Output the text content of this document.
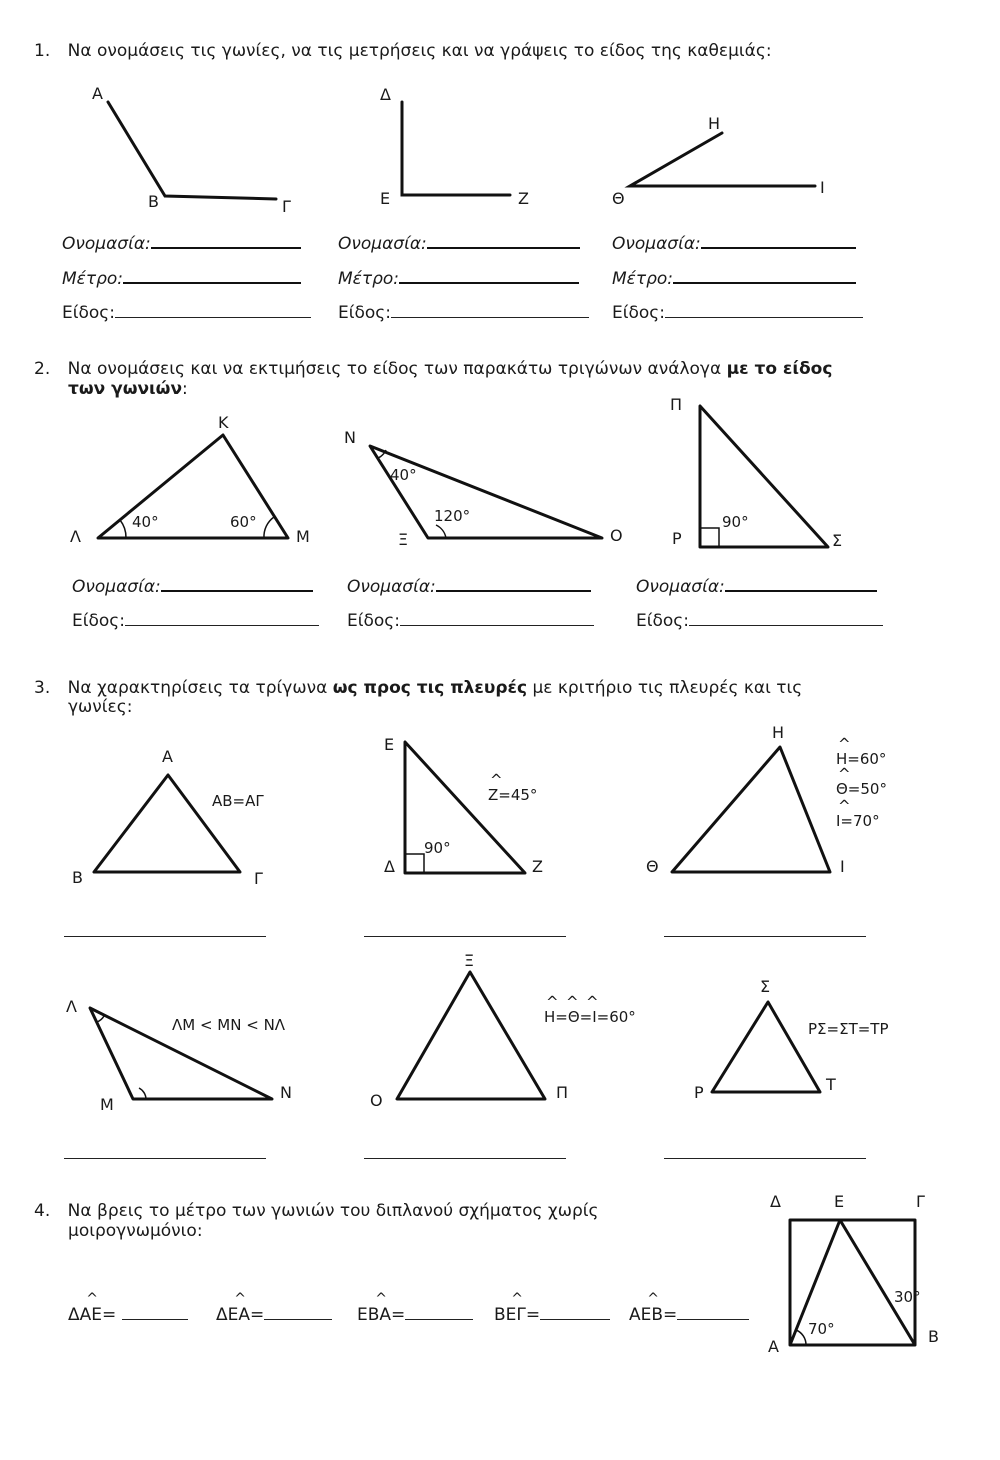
1. Να ονομάσεις τις γωνίες, να τις μετρήσεις και να γράψεις το είδος της καθεμιάς:
Α
Β	Γ
Δ
Ε	Ζ
Η
Θ
Ι
Κ
Λ	Μ
Ν
Ξ	Ο
Π
Ρ	Σ
40°	60°
40°
120°	90°
Α
Β	Γ
Ε
Δ	Ζ
Η
Θ	Ι
Λ
Μ
Ν
Ξ
Ο	Π
Σ
Ρ	Τ
ΑΒ=ΑΓ
90°
Ζ=45°
Η=60°
Θ=50°
Ι=70°
ΛΜ < ΜΝ < ΝΛ	Η=Θ=Ι=60°
ΡΣ=ΣΤ=ΤΡ
^
^
^
^
^ ^ ^
Δ	Ε	Γ
Α
Β
70°
30°
Ονομασία:
Μέτρο:
Είδος:
Ονομασία:
Μέτρο:
Είδος:
Ονομασία:
Μέτρο:
Είδος:
2. Να ονομάσεις και να εκτιμήσεις το είδος των παρακάτω τριγώνων ανάλογα με το είδος
των γωνιών:
Ονομασία:
Είδος:
Ονομασία:
Είδος:
Ονομασία:
Είδος:
3. Να χαρακτηρίσεις τα τρίγωνα ως προς τις πλευρές με κριτήριο τις πλευρές και τις
γωνίες:
4. Να βρεις το μέτρο των γωνιών του διπλανού σχήματος χωρίς
μοιρογνωμόνιο:
^ ΔΑΕ=	^ ΔΕΑ=	^ ΕΒΑ=	^ ΒΕΓ=	^ ΑΕΒ=
